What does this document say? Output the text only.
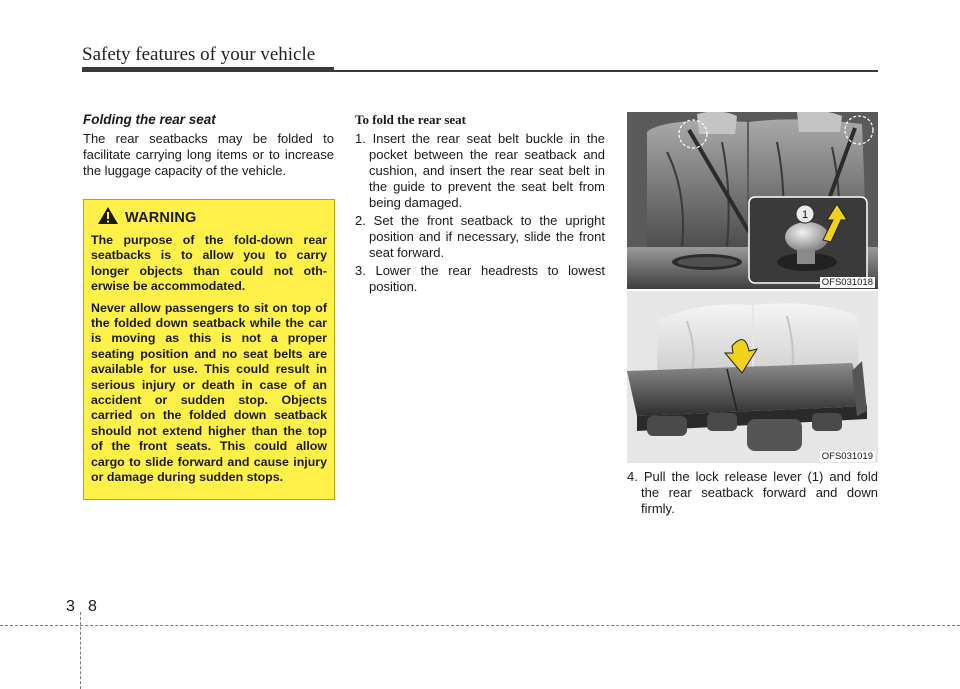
Safety features of your vehicle

Folding the rear seat

The rear seatbacks may be folded to facilitate carrying long items or to increase the luggage capacity of the vehicle.

WARNING

The purpose of the fold-down rear seatbacks is to allow you to carry longer objects than could not oth-erwise be accommodated.

Never allow passengers to sit on top of the folded down seatback while the car is moving as this is not a proper seating position and no seat belts are available for use. This could result in serious injury or death in case of an accident or sudden stop. Objects carried on the folded down seatback should not extend higher than the top of the front seats. This could allow cargo to slide forward and cause injury or damage during sudden stops.

To fold the rear seat

1. Insert the rear seat belt buckle in the pocket between the rear seatback and cushion, and insert the rear seat belt in the guide to prevent the seat belt from being damaged.
2. Set the front seatback to the upright position and if necessary, slide the front seat forward.
3. Lower the rear headrests to lowest position.
1
OFS031018
OFS031019
4. Pull the lock release lever (1) and fold the rear seatback forward and down firmly.
3 8
